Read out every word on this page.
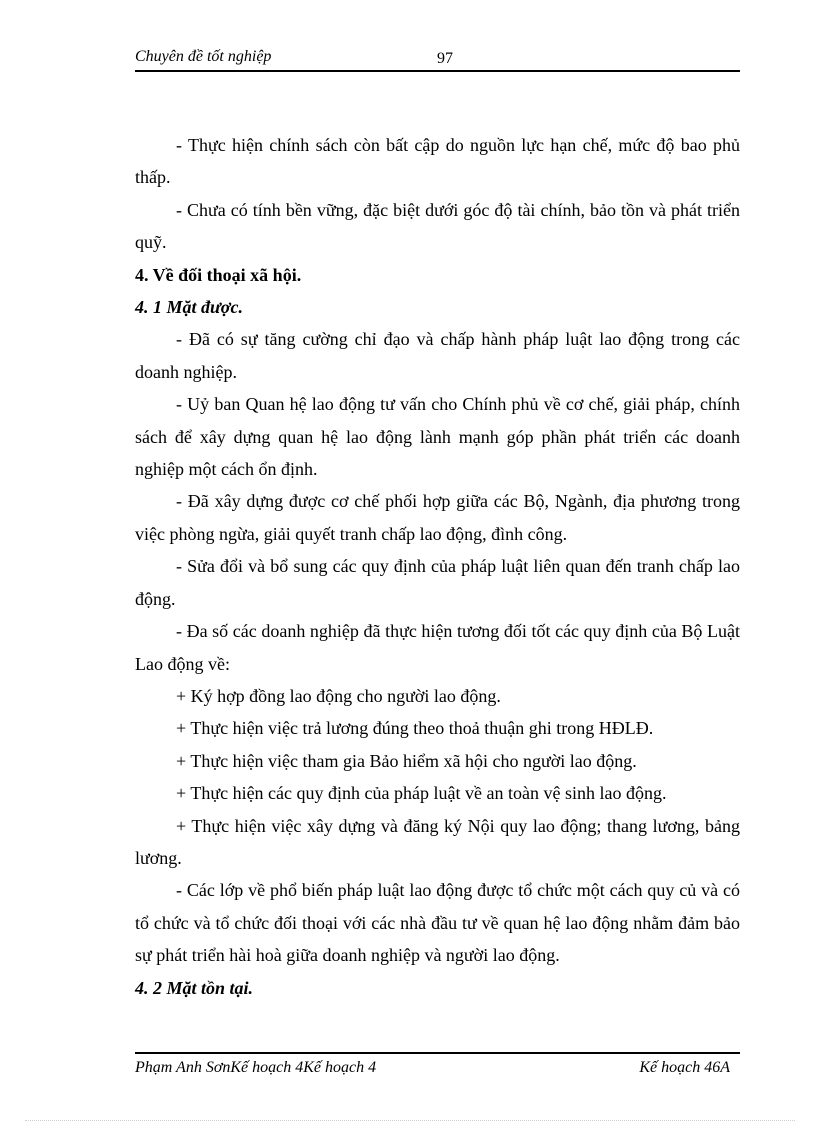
Chuyên đề tốt nghiệp	97

- Thực hiện chính sách còn bất cập do nguồn lực hạn chế, mức độ bao phủ thấp.

- Chưa có tính bền vững, đặc biệt dưới góc độ tài chính, bảo tồn và phát triển quỹ.

4. Về đối thoại xã hội.

4. 1 Mặt được.

- Đã có sự tăng cường chỉ đạo và chấp hành pháp luật lao động trong các doanh nghiệp.

- Uỷ ban Quan hệ lao động tư vấn cho Chính phủ về cơ chế, giải pháp, chính sách để xây dựng quan hệ lao động lành mạnh góp phần phát triển các doanh nghiệp một cách ổn định.

- Đã xây dựng được cơ chế phối hợp giữa các Bộ, Ngành, địa phương trong việc phòng ngừa, giải quyết tranh chấp lao động, đình công.

- Sửa đổi và bổ sung các quy định của pháp luật liên quan đến tranh chấp lao động.

- Đa số các doanh nghiệp đã thực hiện tương đối tốt các quy định của Bộ Luật Lao động về:

+ Ký hợp đồng lao động cho người lao động.

+ Thực hiện việc trả lương đúng theo thoả thuận ghi trong HĐLĐ.

+ Thực hiện việc tham gia Bảo hiểm xã hội cho người lao động.

+ Thực hiện các quy định của pháp luật về an toàn vệ sinh lao động.

+ Thực hiện việc xây dựng và đăng ký Nội quy lao động; thang lương, bảng lương.

- Các lớp về phổ biến pháp luật lao động được tổ chức một cách quy củ và có tổ chức và tổ chức đối thoại với các nhà đầu tư về quan hệ lao động nhằm đảm bảo sự phát triển hài hoà giữa doanh nghiệp và người lao động.

4. 2 Mặt tồn tại.

Phạm Anh SơnKế hoạch 4Kế hoạch 4	Kế hoạch 46A
